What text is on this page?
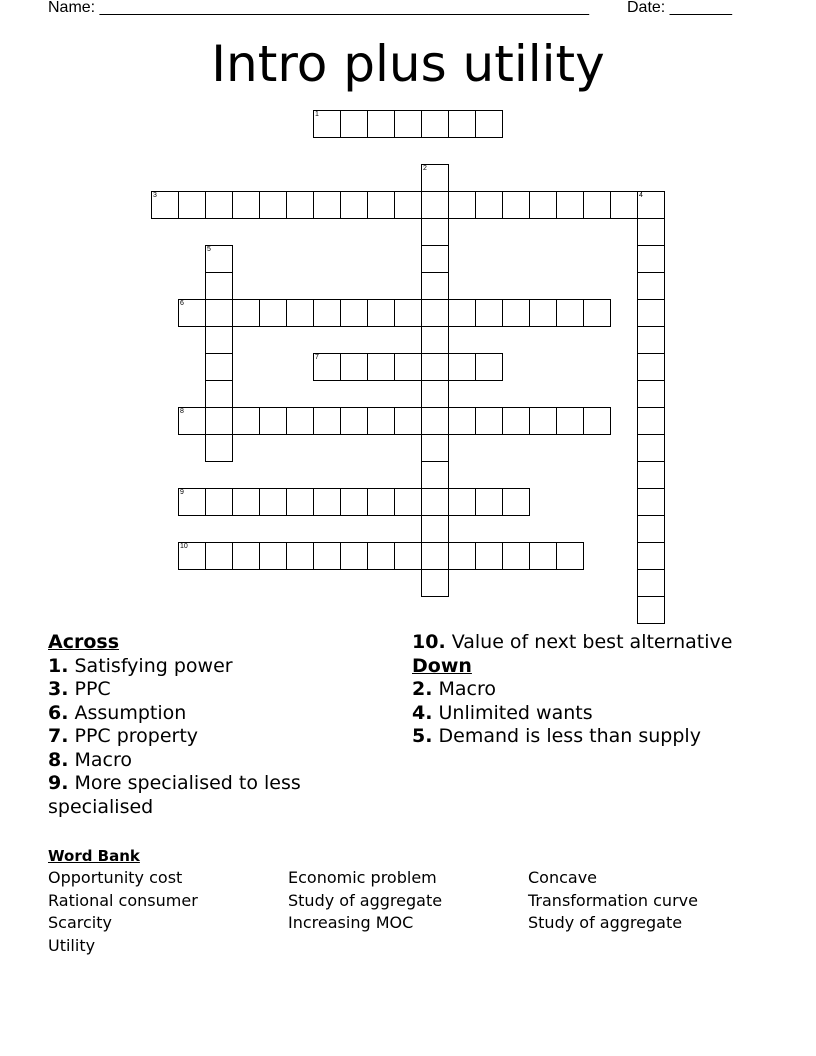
Name: _______________________________________________________ Date: _______
Intro plus utility
1
2
3	4
5
6
7
8
9
10
Across
1. Satisfying power
3. PPC
6. Assumption
7. PPC property
8. Macro
9. More specialised to less specialised
10. Value of next best alternative
Down
2. Macro
4. Unlimited wants
5. Demand is less than supply
Word Bank
Opportunity cost
Rational consumer
Scarcity
Utility
Economic problem
Study of aggregate
Increasing MOC
Concave
Transformation curve
Study of aggregate
